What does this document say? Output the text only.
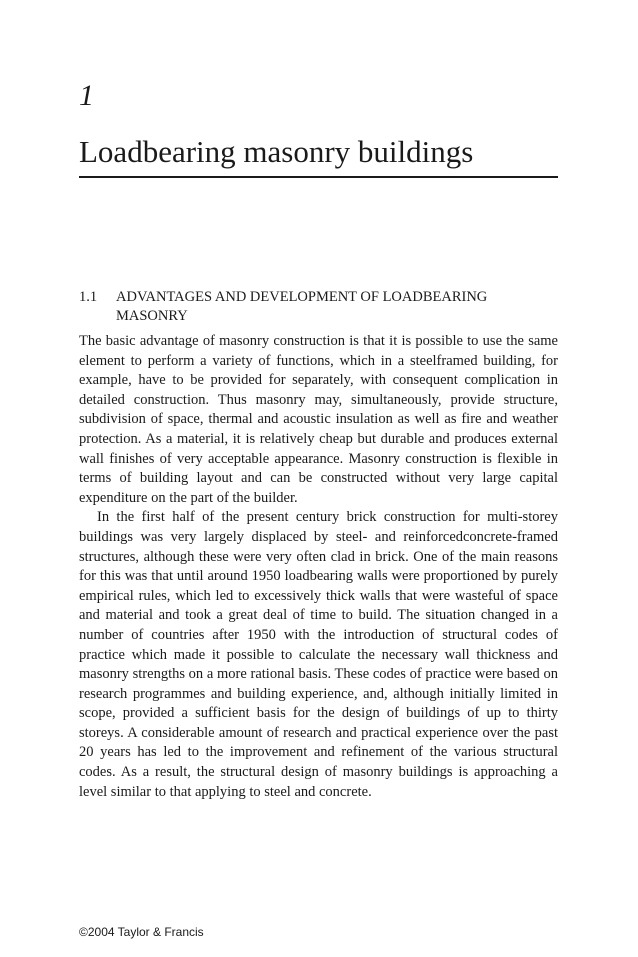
1
Loadbearing masonry buildings
1.1	ADVANTAGES AND DEVELOPMENT OF LOADBEARING MASONRY

The basic advantage of masonry construction is that it is possible to use the same element to perform a variety of functions, which in a steelframed building, for example, have to be provided for separately, with consequent complication in detailed construction. Thus masonry may, simultaneously, provide structure, subdivision of space, thermal and acoustic insulation as well as fire and weather protection. As a material, it is relatively cheap but durable and produces external wall finishes of very acceptable appearance. Masonry construction is flexible in terms of building layout and can be constructed without very large capital expenditure on the part of the builder.

In the first half of the present century brick construction for multi-storey buildings was very largely displaced by steel- and reinforcedconcrete-framed structures, although these were very often clad in brick. One of the main reasons for this was that until around 1950 loadbearing walls were proportioned by purely empirical rules, which led to excessively thick walls that were wasteful of space and material and took a great deal of time to build. The situation changed in a number of countries after 1950 with the introduction of structural codes of practice which made it possible to calculate the necessary wall thickness and masonry strengths on a more rational basis. These codes of practice were based on research programmes and building experience, and, although initially limited in scope, provided a sufficient basis for the design of buildings of up to thirty storeys. A considerable amount of research and practical experience over the past 20 years has led to the improvement and refinement of the various structural codes. As a result, the structural design of masonry buildings is approaching a level similar to that applying to steel and concrete.

©2004 Taylor & Francis
